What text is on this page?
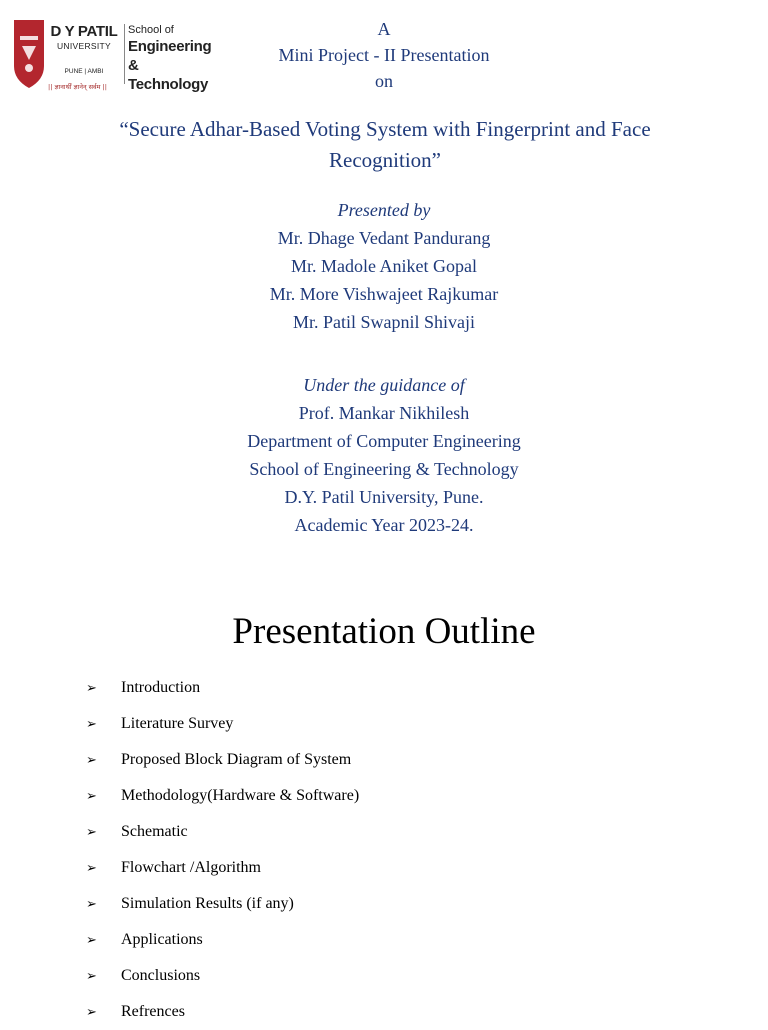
D Y PATIL
UNIVERSITY
PUNE | AMBI
|| ज्ञानार्थीं ज्ञानेन् सर्वम ||
School of
Engineering &
Technology
A
Mini Project - II Presentation
on
“Secure Adhar-Based Voting System with Fingerprint and Face Recognition”
Presented by
Mr. Dhage Vedant Pandurang
Mr. Madole Aniket Gopal
Mr. More Vishwajeet Rajkumar
Mr. Patil Swapnil Shivaji
Under the guidance of
Prof. Mankar Nikhilesh
Department of Computer Engineering
School of Engineering & Technology
D.Y. Patil University, Pune.
Academic Year 2023-24.
Presentation Outline
➢	Introduction
➢	Literature Survey
➢	Proposed Block Diagram of System
➢	Methodology(Hardware & Software)
➢	Schematic
➢	Flowchart /Algorithm
➢	Simulation Results (if any)
➢	Applications
➢	Conclusions
➢	Refrences
